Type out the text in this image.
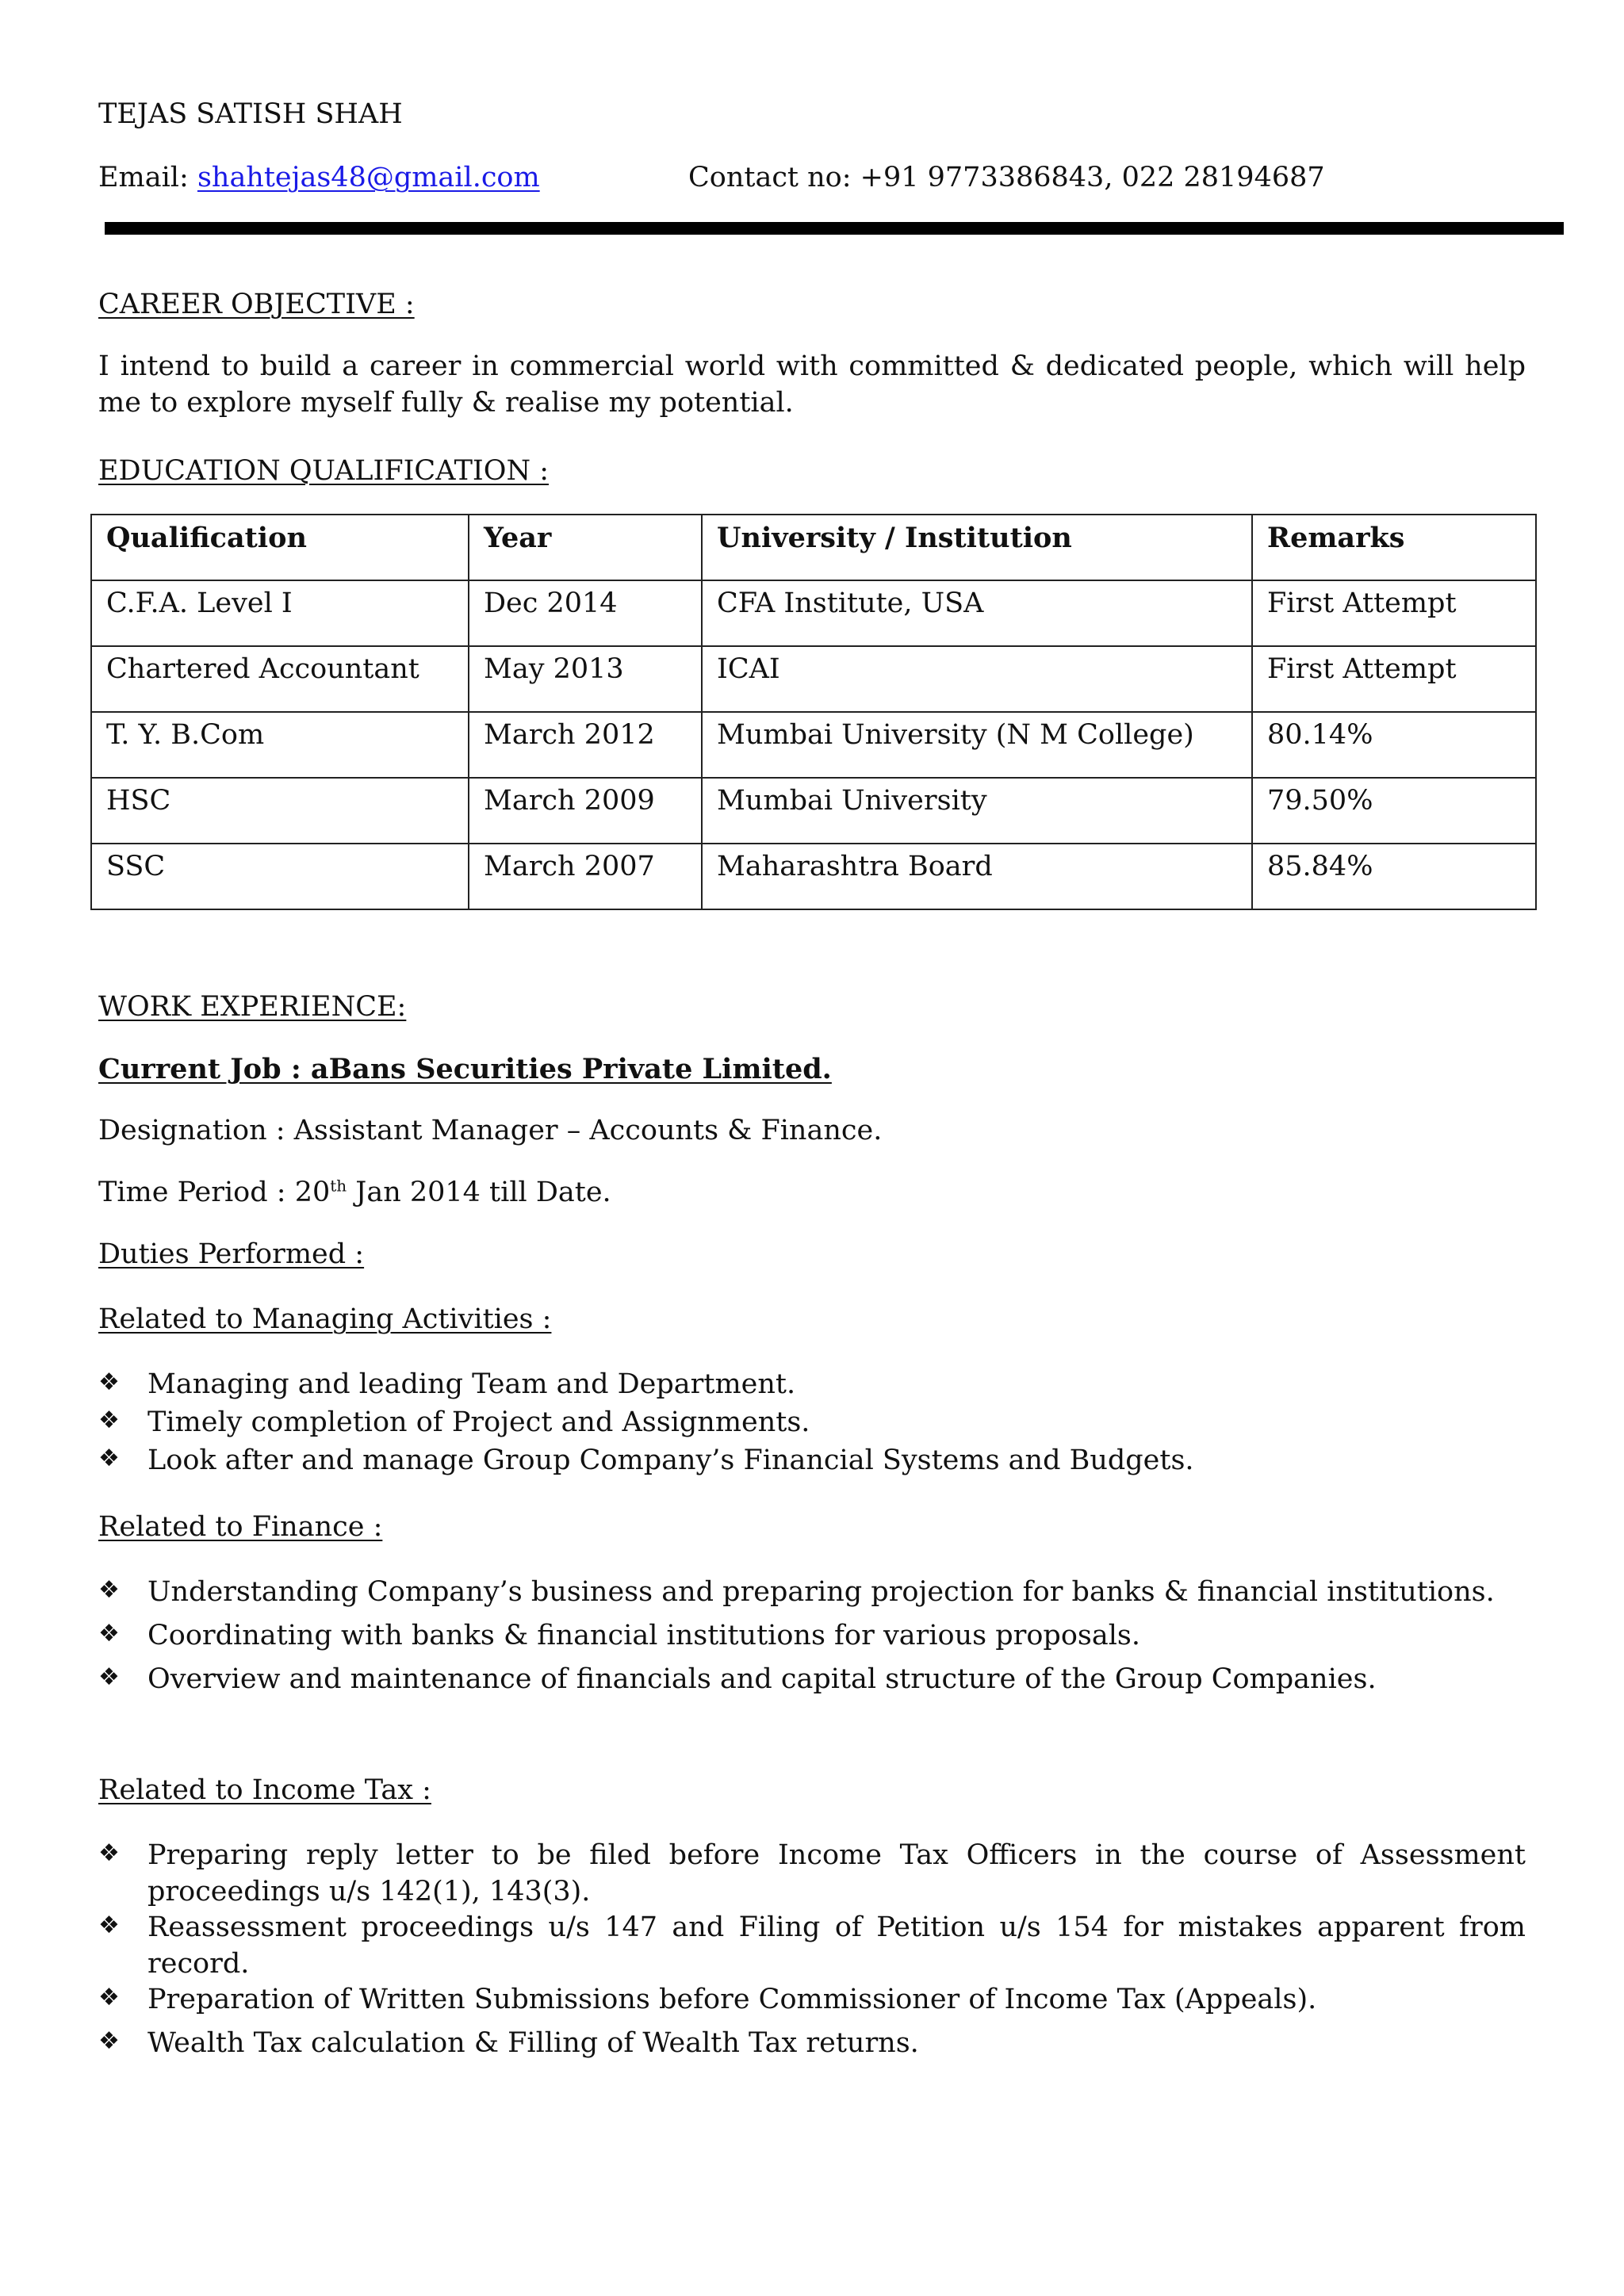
TEJAS SATISH SHAH
Email: shahtejas48@gmail.com	Contact no: +91 9773386843, 022 28194687
CAREER OBJECTIVE :
I intend to build a career in commercial world with committed & dedicated people, which will help me to explore myself fully & realise my potential.
EDUCATION QUALIFICATION :
Qualification	Year	University / Institution	Remarks
C.F.A. Level I	Dec 2014	CFA Institute, USA	First Attempt
Chartered Accountant	May 2013	ICAI	First Attempt
T. Y. B.Com	March 2012	Mumbai University (N M College)	80.14%
HSC	March 2009	Mumbai University	79.50%
SSC	March 2007	Maharashtra Board	85.84%
WORK EXPERIENCE:
Current Job : aBans Securities Private Limited.
Designation : Assistant Manager – Accounts & Finance.
Time Period : 20th Jan 2014 till Date.
Duties Performed :
Related to Managing Activities :
❖ Managing and leading Team and Department.
❖ Timely completion of Project and Assignments.
❖ Look after and manage Group Company’s Financial Systems and Budgets.
Related to Finance :
❖ Understanding Company’s business and preparing projection for banks & financial institutions.
❖ Coordinating with banks & financial institutions for various proposals.
❖ Overview and maintenance of financials and capital structure of the Group Companies.
Related to Income Tax :
❖ Preparing reply letter to be filed before Income Tax Officers in the course of Assessment proceedings u/s 142(1), 143(3).
❖ Reassessment proceedings u/s 147 and Filing of Petition u/s 154 for mistakes apparent from record.
❖ Preparation of Written Submissions before Commissioner of Income Tax (Appeals).
❖ Wealth Tax calculation & Filling of Wealth Tax returns.
